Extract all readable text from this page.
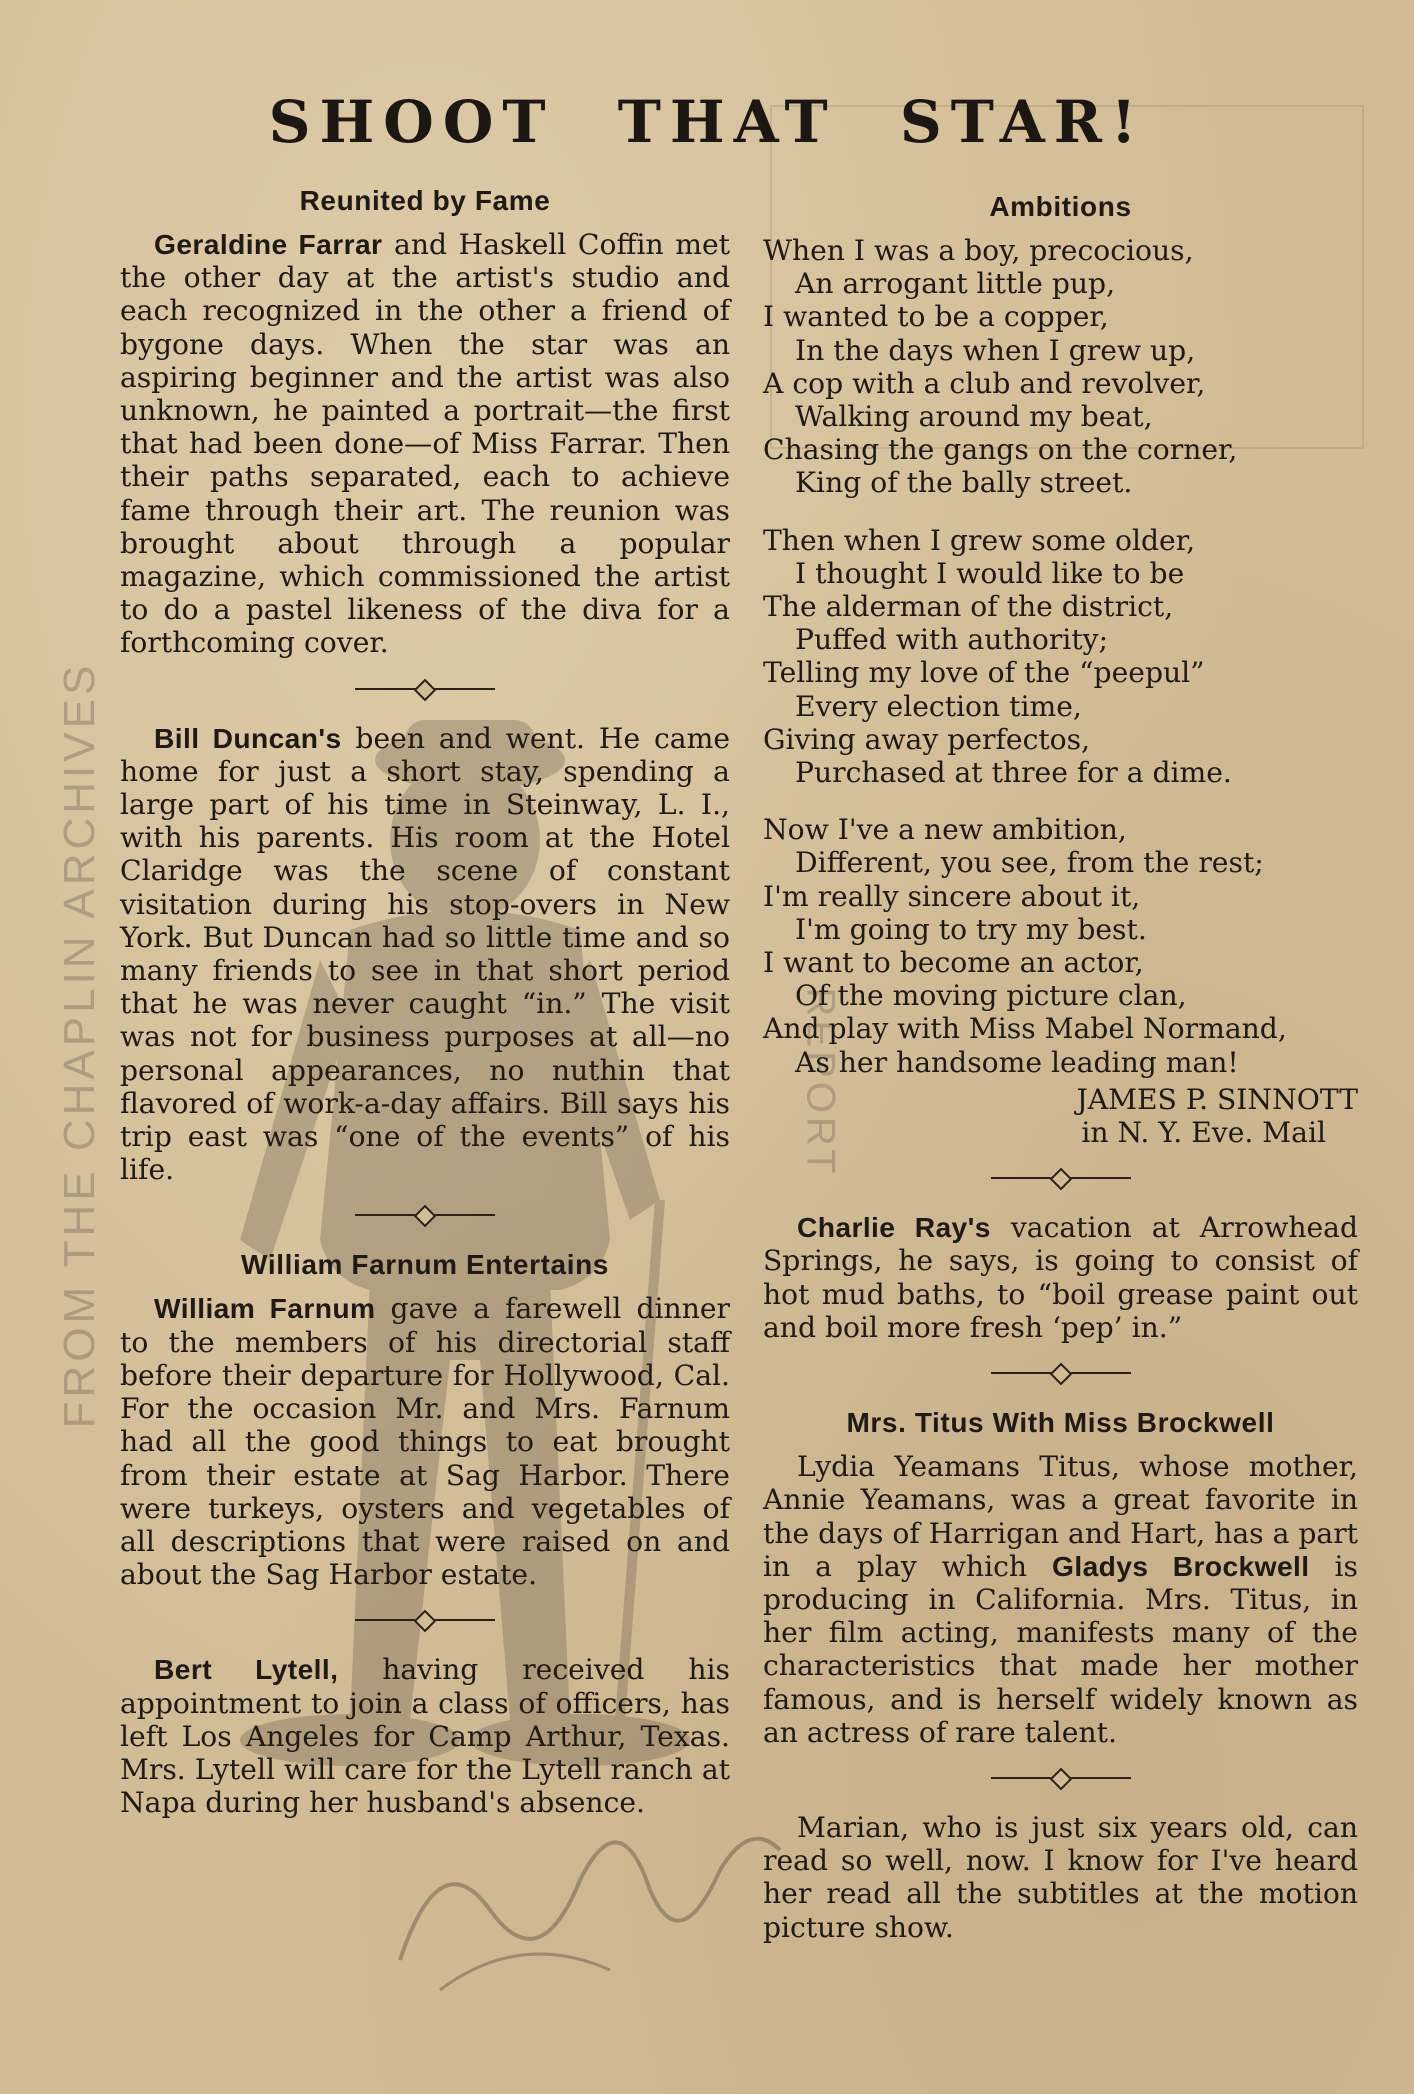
FROM THE CHAPLIN ARCHIVES	REPORT
SHOOT THAT STAR!
Reunited by Fame

Geraldine Farrar and Haskell Coffin met the other day at the artist's studio and each recognized in the other a friend of bygone days. When the star was an aspiring beginner and the artist was also unknown, he painted a portrait—the first that had been done—of Miss Farrar. Then their paths separated, each to achieve fame through their art. The reunion was brought about through a popular magazine, which commissioned the artist to do a pastel likeness of the diva for a forthcoming cover.

Bill Duncan's been and went. He came home for just a short stay, spending a large part of his time in Steinway, L. I., with his parents. His room at the Hotel Claridge was the scene of constant visitation during his stop-overs in New York. But Duncan had so little time and so many friends to see in that short period that he was never caught “in.” The visit was not for business purposes at all—no personal appearances, no nuthin that flavored of work-a-day affairs. Bill says his trip east was “one of the events” of his life.

William Farnum Entertains

William Farnum gave a farewell dinner to the members of his directorial staff before their departure for Hollywood, Cal. For the occasion Mr. and Mrs. Farnum had all the good things to eat brought from their estate at Sag Harbor. There were turkeys, oysters and vegetables of all descriptions that were raised on and about the Sag Harbor estate.

Bert Lytell, having received his appointment to join a class of officers, has left Los Angeles for Camp Arthur, Texas. Mrs. Lytell will care for the Lytell ranch at Napa during her husband's absence.

Ambitions
When I was a boy, precocious,
An arrogant little pup,
I wanted to be a copper,
In the days when I grew up,
A cop with a club and revolver,
Walking around my beat,
Chasing the gangs on the corner,
King of the bally street.
Then when I grew some older,
I thought I would like to be
The alderman of the district,
Puffed with authority;
Telling my love of the “peepul”
Every election time,
Giving away perfectos,
Purchased at three for a dime.
Now I've a new ambition,
Different, you see, from the rest;
I'm really sincere about it,
I'm going to try my best.
I want to become an actor,
Of the moving picture clan,
And play with Miss Mabel Normand,
As her handsome leading man!
JAMES P. SINNOTT
in N. Y. Eve. Mail

Charlie Ray's vacation at Arrowhead Springs, he says, is going to consist of hot mud baths, to “boil grease paint out and boil more fresh ‘pep’ in.”

Mrs. Titus With Miss Brockwell

Lydia Yeamans Titus, whose mother, Annie Yeamans, was a great favorite in the days of Harrigan and Hart, has a part in a play which Gladys Brockwell is producing in California. Mrs. Titus, in her film acting, manifests many of the characteristics that made her mother famous, and is herself widely known as an actress of rare talent.

Marian, who is just six years old, can read so well, now. I know for I've heard her read all the subtitles at the motion picture show.
